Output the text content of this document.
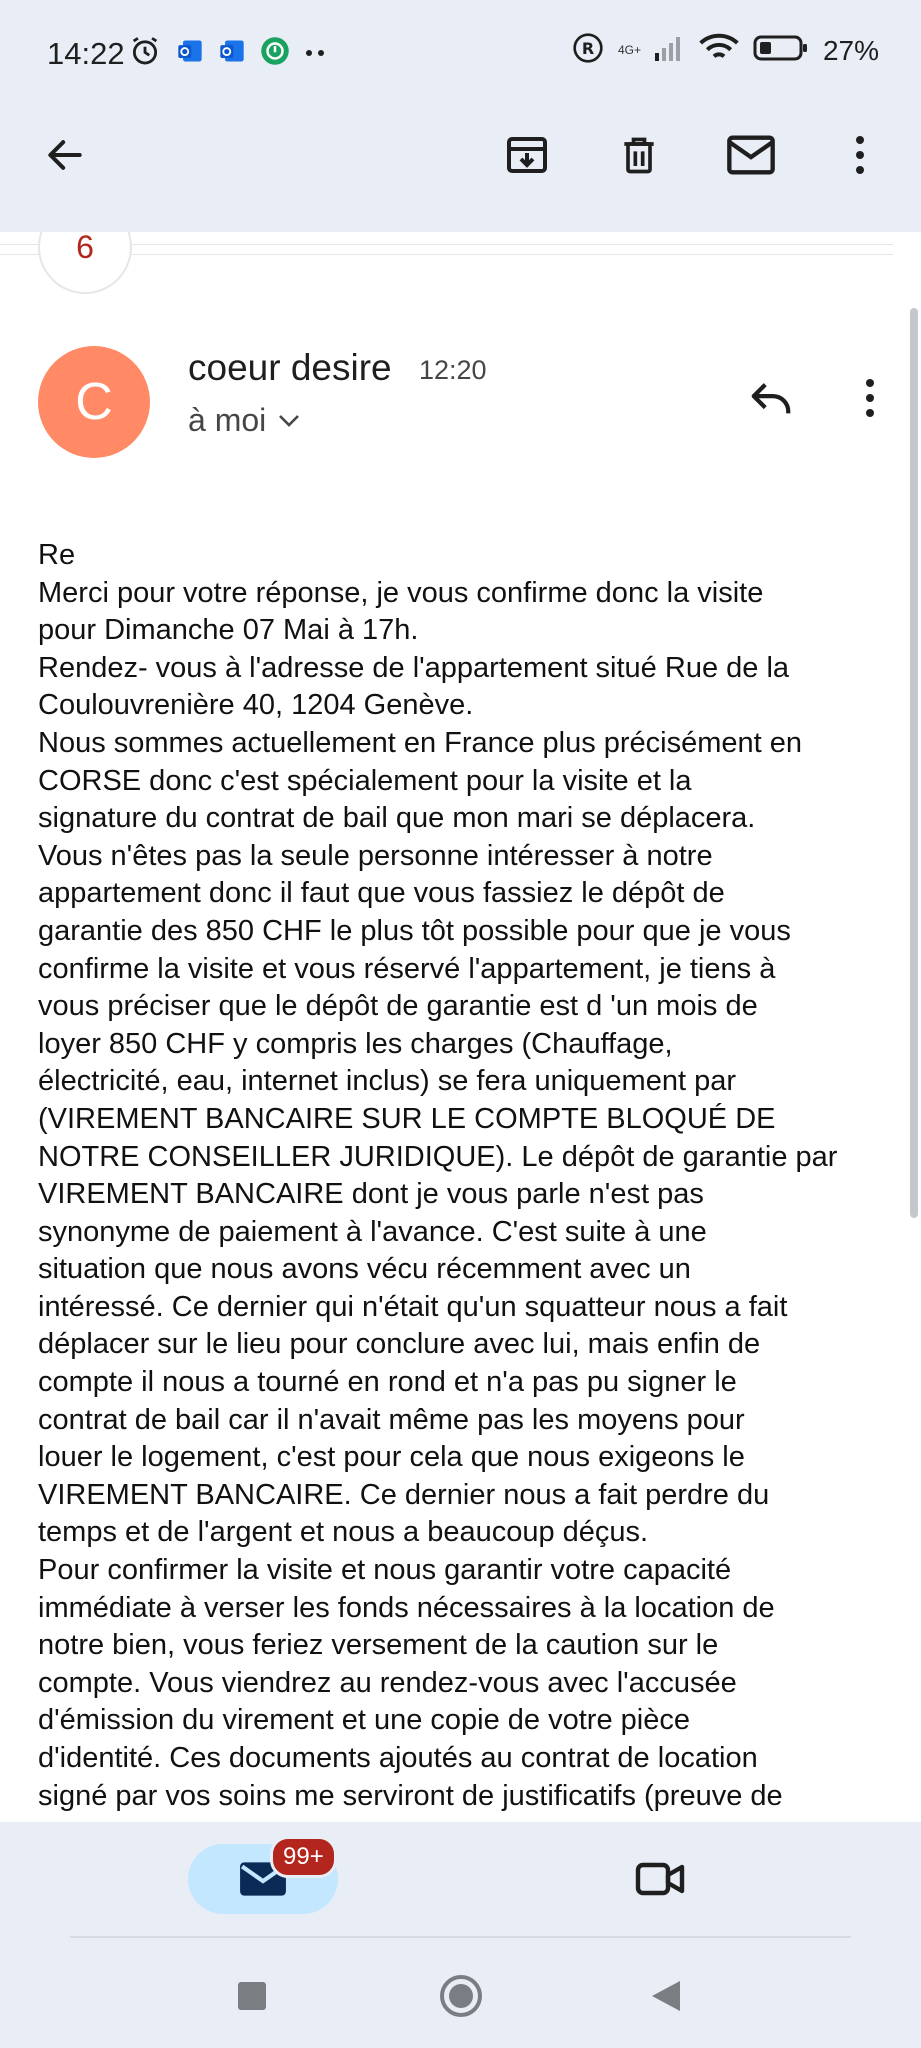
14:22	R 4G+	27%
6
C
coeur desire 12:20
à moi
Re
Merci pour votre réponse, je vous confirme donc la visite
pour Dimanche 07 Mai à 17h.
Rendez- vous à l'adresse de l'appartement situé Rue de la
Coulouvrenière 40, 1204 Genève.
Nous sommes actuellement en France plus précisément en
CORSE donc c'est spécialement pour la visite et la
signature du contrat de bail que mon mari se déplacera.
Vous n'êtes pas la seule personne intéresser à notre
appartement donc il faut que vous fassiez le dépôt de
garantie des 850 CHF le plus tôt possible pour que je vous
confirme la visite et vous réservé l'appartement, je tiens à
vous préciser que le dépôt de garantie est d 'un mois de
loyer 850 CHF y compris les charges (Chauffage,
électricité, eau, internet inclus) se fera uniquement par
(VIREMENT BANCAIRE SUR LE COMPTE BLOQUÉ DE
NOTRE CONSEILLER JURIDIQUE). Le dépôt de garantie par
VIREMENT BANCAIRE dont je vous parle n'est pas
synonyme de paiement à l'avance. C'est suite à une
situation que nous avons vécu récemment avec un
intéressé. Ce dernier qui n'était qu'un squatteur nous a fait
déplacer sur le lieu pour conclure avec lui, mais enfin de
compte il nous a tourné en rond et n'a pas pu signer le
contrat de bail car il n'avait même pas les moyens pour
louer le logement, c'est pour cela que nous exigeons le
VIREMENT BANCAIRE. Ce dernier nous a fait perdre du
temps et de l'argent et nous a beaucoup déçus.
Pour confirmer la visite et nous garantir votre capacité
immédiate à verser les fonds nécessaires à la location de
notre bien, vous feriez versement de la caution sur le
compte. Vous viendrez au rendez-vous avec l'accusée
d'émission du virement et une copie de votre pièce
d'identité. Ces documents ajoutés au contrat de location
signé par vos soins me serviront de justificatifs (preuve de
99+
